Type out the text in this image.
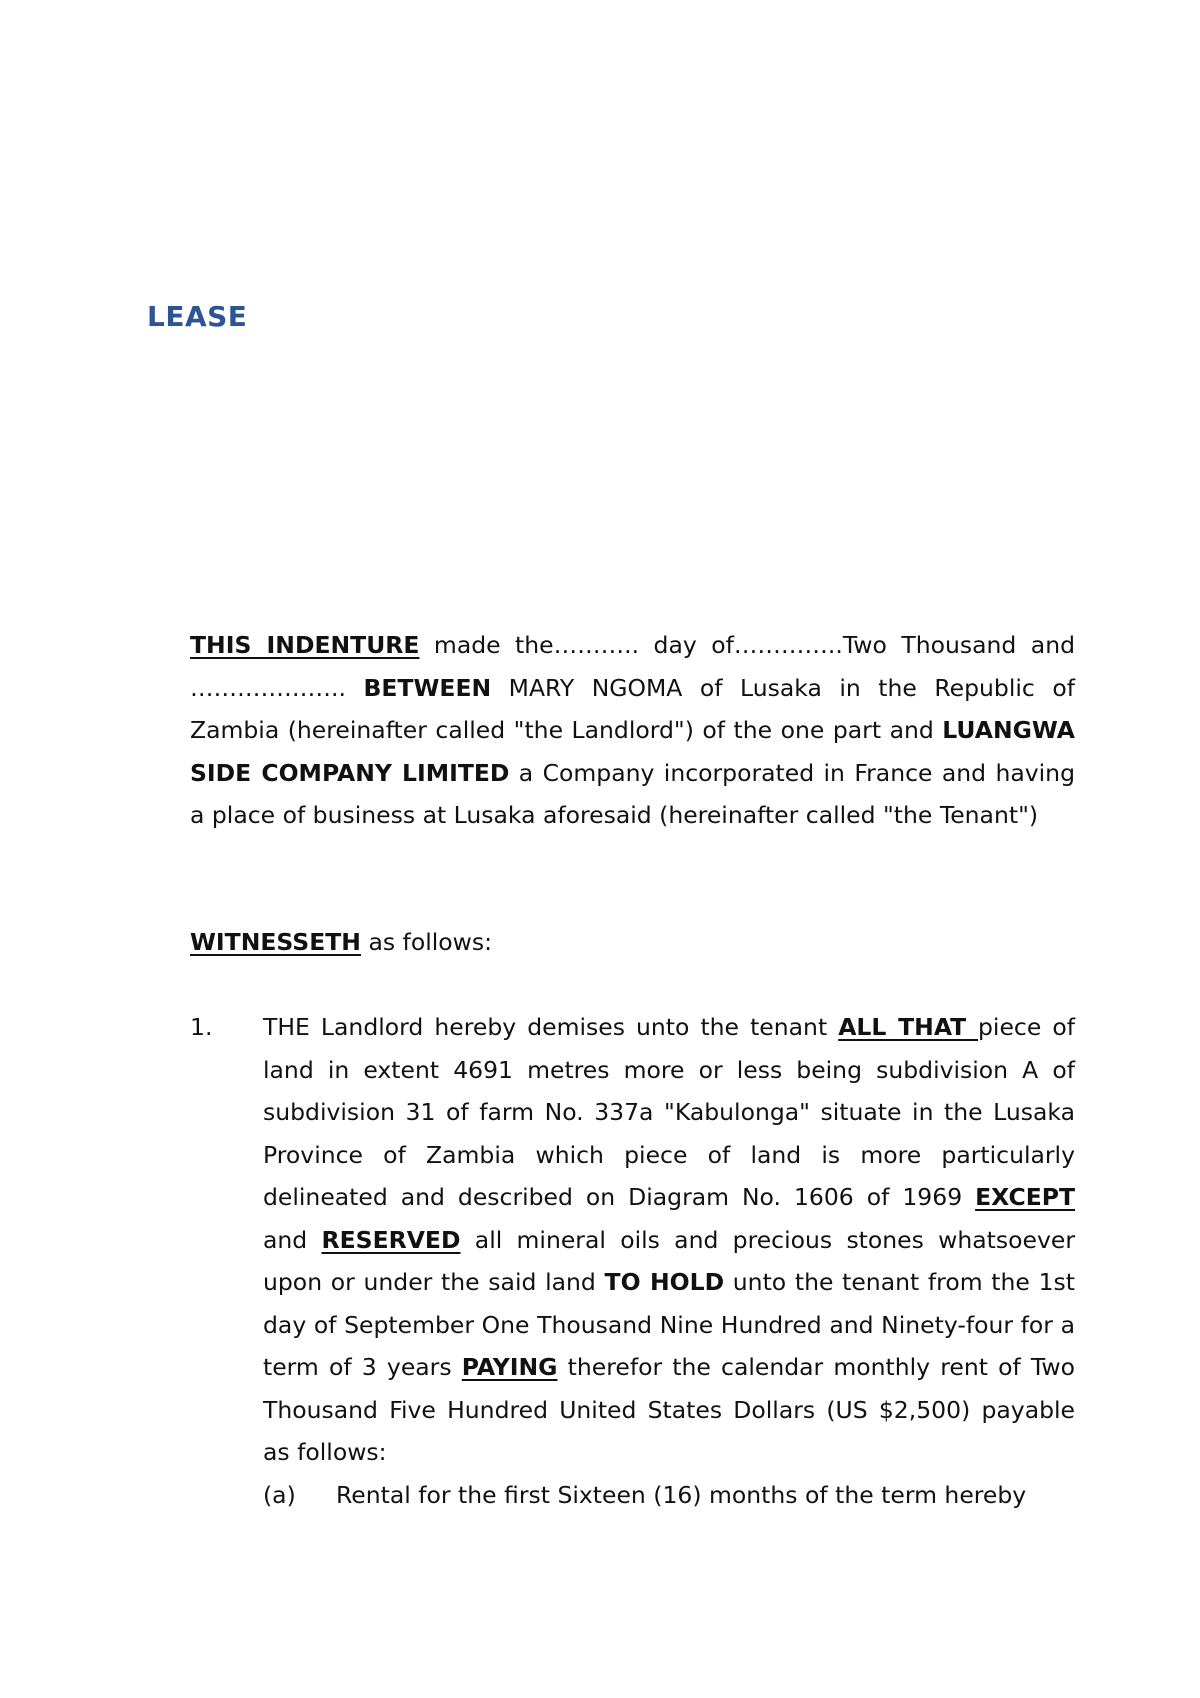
LEASE
THIS INDENTURE made the……….. day of…………..Two Thousand and ……………….. BETWEEN MARY NGOMA of Lusaka in the Republic of Zambia (hereinafter called "the Landlord") of the one part and LUANGWA SIDE COMPANY LIMITED a Company incorporated in France and having a place of business at Lusaka aforesaid (hereinafter called "the Tenant")
WITNESSETH as follows:
1. THE Landlord hereby demises unto the tenant ALL THAT piece of land in extent 4691 metres more or less being subdivision A of subdivision 31 of farm No. 337a "Kabulonga" situate in the Lusaka Province of Zambia which piece of land is more particularly delineated and described on Diagram No. 1606 of 1969 EXCEPT and RESERVED all mineral oils and precious stones whatsoever upon or under the said land TO HOLD unto the tenant from the 1st day of September One Thousand Nine Hundred and Ninety-four for a term of 3 years PAYING therefor the calendar monthly rent of Two Thousand Five Hundred United States Dollars (US $2,500) payable as follows:
(a) Rental for the first Sixteen (16) months of the term hereby
